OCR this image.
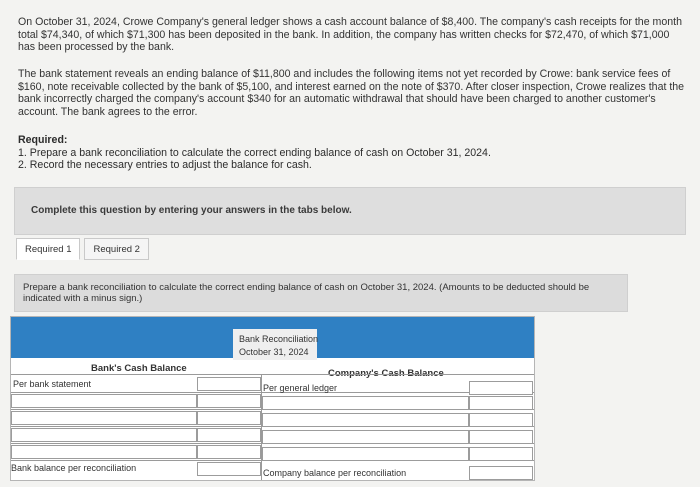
On October 31, 2024, Crowe Company's general ledger shows a cash account balance of $8,400. The company's cash receipts for the month total $74,340, of which $71,300 has been deposited in the bank. In addition, the company has written checks for $72,470, of which $71,000 has been processed by the bank.
The bank statement reveals an ending balance of $11,800 and includes the following items not yet recorded by Crowe: bank service fees of $160, note receivable collected by the bank of $5,100, and interest earned on the note of $370. After closer inspection, Crowe realizes that the bank incorrectly charged the company's account $340 for an automatic withdrawal that should have been charged to another customer's account. The bank agrees to the error.
Required:
1. Prepare a bank reconciliation to calculate the correct ending balance of cash on October 31, 2024.
2. Record the necessary entries to adjust the balance for cash.
Complete this question by entering your answers in the tabs below.
Required 1	Required 2
Prepare a bank reconciliation to calculate the correct ending balance of cash on October 31, 2024. (Amounts to be deducted should be indicated with a minus sign.)
Bank Reconciliation
October 31, 2024
Bank's Cash Balance
Per bank statement	Per general ledger
Bank balance per reconciliation	Company balance per reconciliation
